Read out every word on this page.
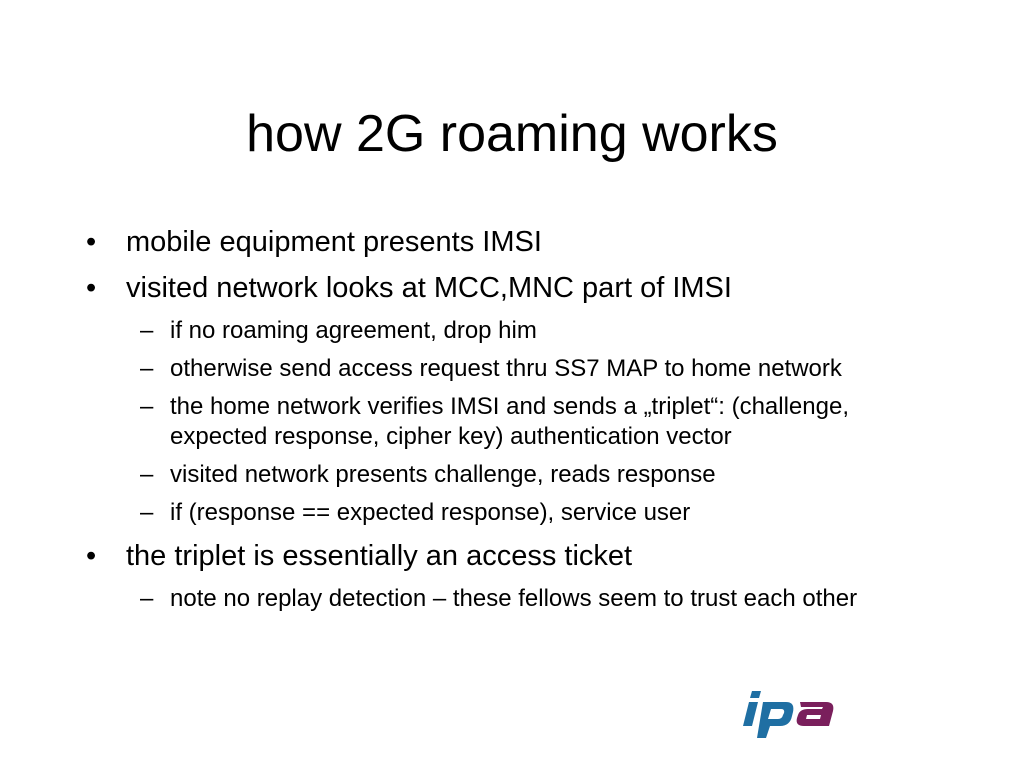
how 2G roaming works
• mobile equipment presents IMSI
• visited network looks at MCC,MNC part of IMSI
– if no roaming agreement, drop him
– otherwise send access request thru SS7 MAP to home network
– the home network verifies IMSI and sends a „triplet“: (challenge, expected response, cipher key) authentication vector
– visited network presents challenge, reads response
– if (response == expected response), service user
• the triplet is essentially an access ticket
– note no replay detection – these fellows seem to trust each other
